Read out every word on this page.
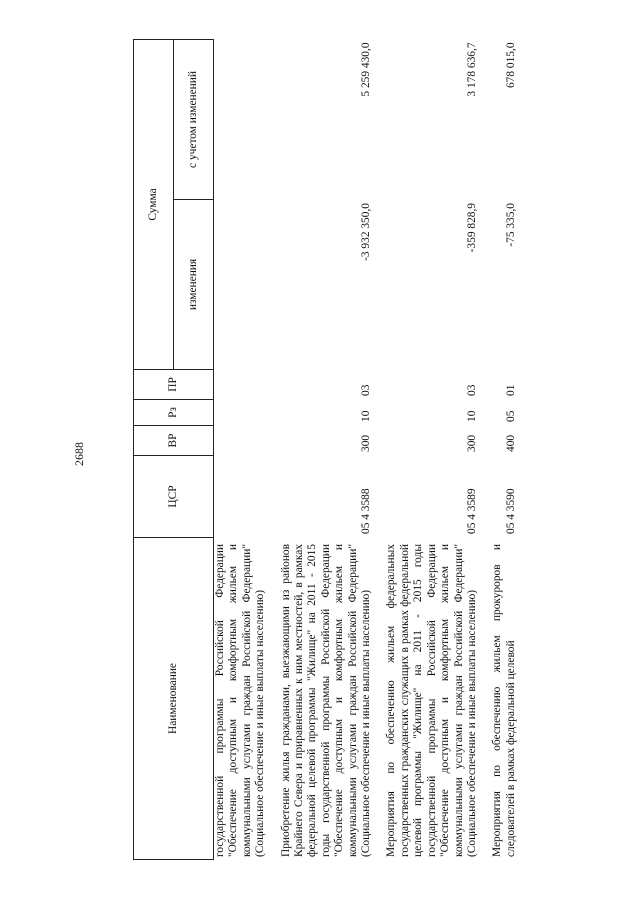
2688
Наименование	ЦСР	ВР	Рз	ПР	Сумма	
					изменения	с учетом изменений
государственной программы Российской Федерации "Обеспечение доступным и комфортным жильем и коммунальными услугами граждан Российской Федерации" (Социальное обеспечение и иные выплаты населению)						
Приобретение жилья гражданами, выезжающими из районов Крайнего Севера и приравненных к ним местностей, в рамках федеральной целевой программы "Жилище" на 2011 - 2015 годы государственной программы Российской Федерации "Обеспечение доступным и комфортным жильем и коммунальными услугами граждан Российской Федерации" (Социальное обеспечение и иные выплаты населению)	05 4 3588	300	10	03	-3 932 350,0	5 259 430,0
Мероприятия по обеспечению жильем федеральных государственных гражданских служащих в рамках федеральной целевой программы "Жилище" на 2011 - 2015 годы государственной программы Российской Федерации "Обеспечение доступным и комфортным жильем и коммунальными услугами граждан Российской Федерации" (Социальное обеспечение и иные выплаты населению)	05 4 3589	300	10	03	-359 828,9	3 178 636,7
Мероприятия по обеспечению жильем прокуроров и следователей в рамках федеральной целевой	05 4 3590	400	05	01	-75 335,0	678 015,0
